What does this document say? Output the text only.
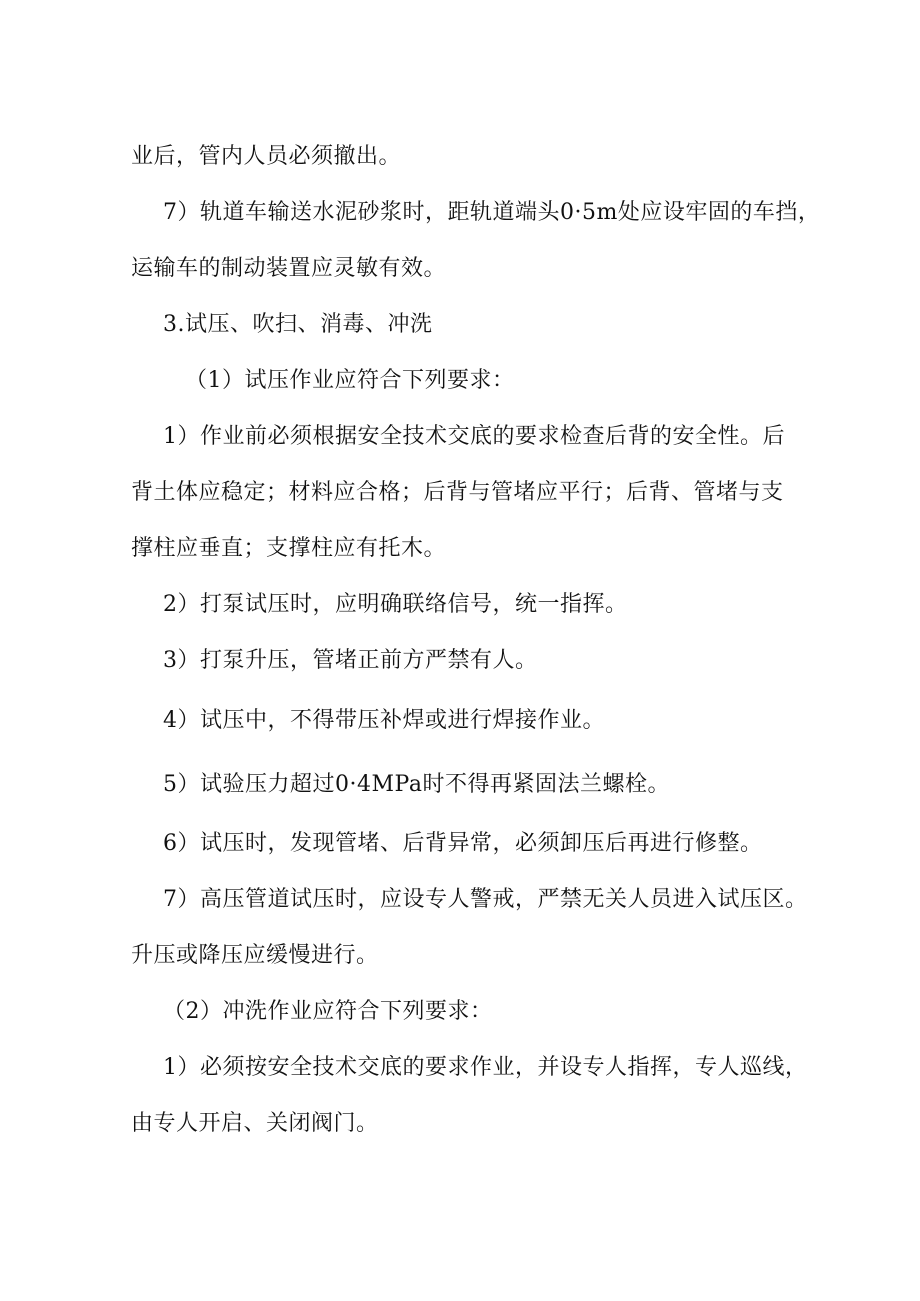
业后，管内人员必须撤出。
7）轨道车输送水泥砂浆时，距轨道端头0·5m处应设牢固的车挡，
运输车的制动装置应灵敏有效。
3.试压、吹扫、消毒、冲洗
（1）试压作业应符合下列要求：
1）作业前必须根据安全技术交底的要求检查后背的安全性。后
背土体应稳定；材料应合格；后背与管堵应平行；后背、管堵与支
撑柱应垂直；支撑柱应有托木。
2）打泵试压时，应明确联络信号，统一指挥。
3）打泵升压，管堵正前方严禁有人。
4）试压中，不得带压补焊或进行焊接作业。
5）试验压力超过0·4MPa时不得再紧固法兰螺栓。
6）试压时，发现管堵、后背异常，必须卸压后再进行修整。
7）高压管道试压时，应设专人警戒，严禁无关人员进入试压区。
升压或降压应缓慢进行。
（2）冲洗作业应符合下列要求：
1）必须按安全技术交底的要求作业，并设专人指挥，专人巡线，
由专人开启、关闭阀门。
